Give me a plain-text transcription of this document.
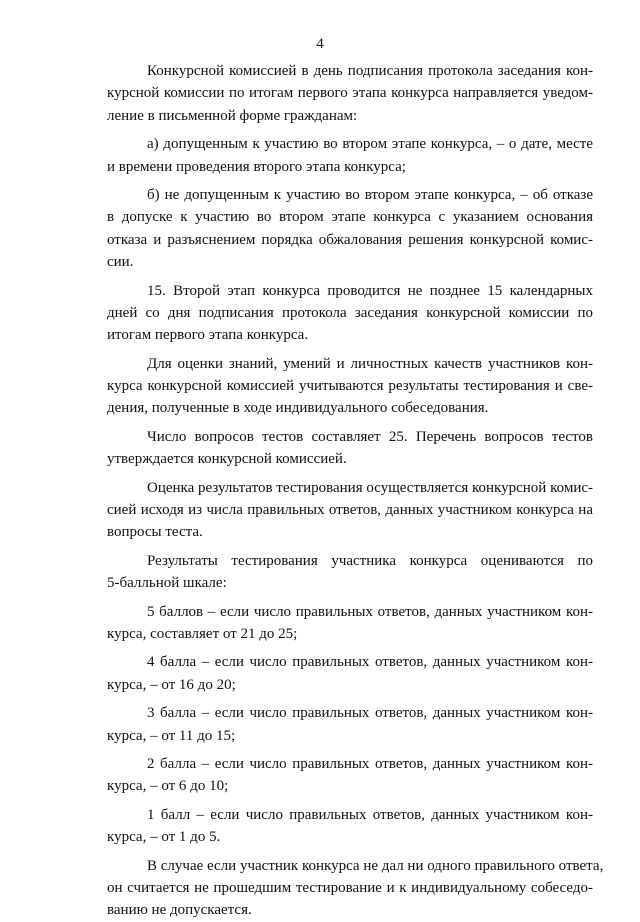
4
Конкурсной комиссией в день подписания протокола заседания кон-
курсной комиссии по итогам первого этапа конкурса направляется уведом-
ление в письменной форме гражданам:
а) допущенным к участию во втором этапе конкурса, – о дате, месте
и времени проведения второго этапа конкурса;
б) не допущенным к участию во втором этапе конкурса, – об отказе
в допуске к участию во втором этапе конкурса с указанием основания
отказа и разъяснением порядка обжалования решения конкурсной комис-
сии.
15. Второй этап конкурса проводится не позднее 15 календарных
дней со дня подписания протокола заседания конкурсной комиссии по
итогам первого этапа конкурса.
Для оценки знаний, умений и личностных качеств участников кон-
курса конкурсной комиссией учитываются результаты тестирования и све-
дения, полученные в ходе индивидуального собеседования.
Число вопросов тестов составляет 25. Перечень вопросов тестов
утверждается конкурсной комиссией.
Оценка результатов тестирования осуществляется конкурсной комис-
сией исходя из числа правильных ответов, данных участником конкурса на
вопросы теста.
Результаты тестирования участника конкурса оцениваются по
5-балльной шкале:
5 баллов – если число правильных ответов, данных участником кон-
курса, составляет от 21 до 25;
4 балла – если число правильных ответов, данных участником кон-
курса, – от 16 до 20;
3 балла – если число правильных ответов, данных участником кон-
курса, – от 11 до 15;
2 балла – если число правильных ответов, данных участником кон-
курса, – от 6 до 10;
1 балл – если число правильных ответов, данных участником кон-
курса, – от 1 до 5.
В случае если участник конкурса не дал ни одного правильного ответа,
он считается не прошедшим тестирование и к индивидуальному собеседо-
ванию не допускается.
